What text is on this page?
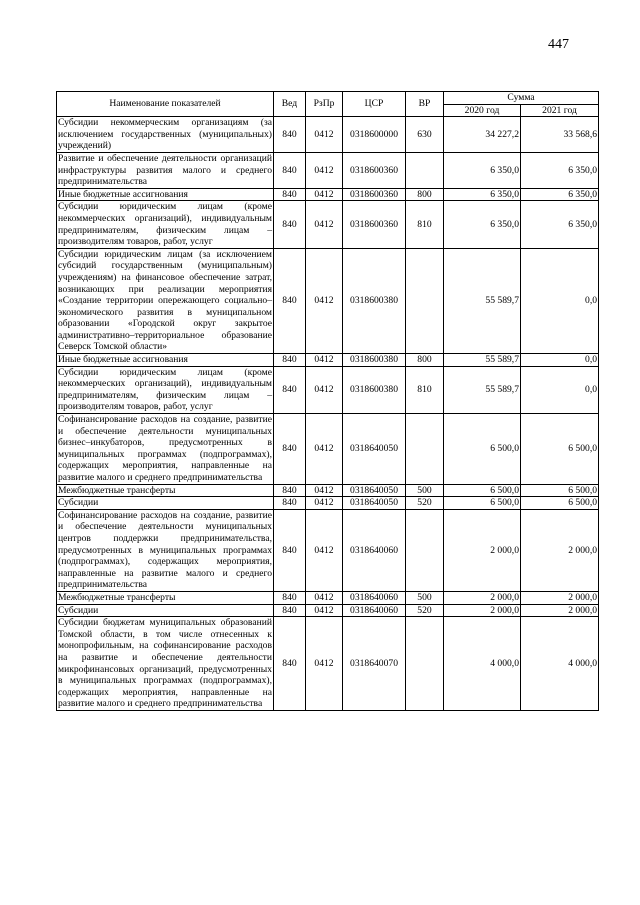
447
Наименование показателей	Вед	РзПр	ЦСР	ВР	Сумма	
					2020 год	2021 год
Субсидии некоммерческим организациям (за исключением государственных (муниципальных) учреждений)	840	0412	0318600000	630	34 227,2	33 568,6
Развитие и обеспечение деятельности организаций инфраструктуры развития малого и среднего предпринимательства	840	0412	0318600360		6 350,0	6 350,0
Иные бюджетные ассигнования	840	0412	0318600360	800	6 350,0	6 350,0
Субсидии юридическим лицам (кроме некоммерческих организаций), индивидуальным предпринимателям, физическим лицам – производителям товаров, работ, услуг	840	0412	0318600360	810	6 350,0	6 350,0
Субсидии юридическим лицам (за исключением субсидий государственным (муниципальным) учреждениям) на финансовое обеспечение затрат, возникающих при реализации мероприятия «Создание территории опережающего социально–экономического развития в муниципальном образовании «Городской округ закрытое административно–территориальное образование Северск Томской области»	840	0412	0318600380		55 589,7	0,0
Иные бюджетные ассигнования	840	0412	0318600380	800	55 589,7	0,0
Субсидии юридическим лицам (кроме некоммерческих организаций), индивидуальным предпринимателям, физическим лицам – производителям товаров, работ, услуг	840	0412	0318600380	810	55 589,7	0,0
Софинансирование расходов на создание, развитие и обеспечение деятельности муниципальных бизнес–инкубаторов, предусмотренных в муниципальных программах (подпрограммах), содержащих мероприятия, направленные на развитие малого и среднего предпринимательства	840	0412	0318640050		6 500,0	6 500,0
Межбюджетные трансферты	840	0412	0318640050	500	6 500,0	6 500,0
Субсидии	840	0412	0318640050	520	6 500,0	6 500,0
Софинансирование расходов на создание, развитие и обеспечение деятельности муниципальных центров поддержки предпринимательства, предусмотренных в муниципальных программах (подпрограммах), содержащих мероприятия, направленные на развитие малого и среднего предпринимательства	840	0412	0318640060		2 000,0	2 000,0
Межбюджетные трансферты	840	0412	0318640060	500	2 000,0	2 000,0
Субсидии	840	0412	0318640060	520	2 000,0	2 000,0
Субсидии бюджетам муниципальных образований Томской области, в том числе отнесенных к монопрофильным, на софинансирование расходов на развитие и обеспечение деятельности микрофинансовых организаций, предусмотренных в муниципальных программах (подпрограммах), содержащих мероприятия, направленные на развитие малого и среднего предпринимательства	840	0412	0318640070		4 000,0	4 000,0
